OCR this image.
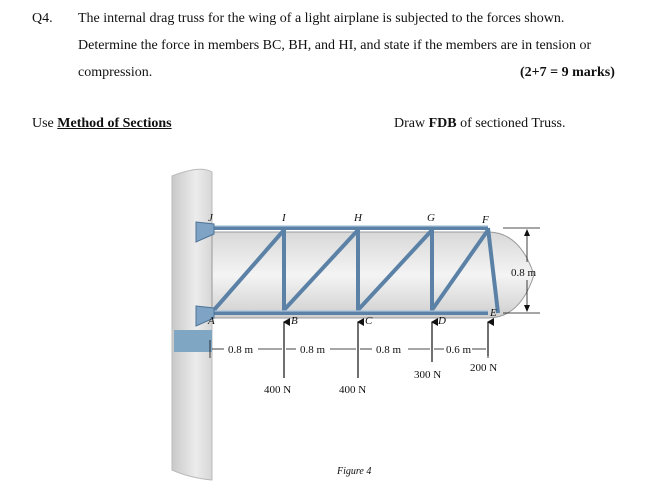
Q4. The internal drag truss for the wing of a light airplane is subjected to the forces shown.
Determine the force in members BC, BH, and HI, and state if the members are in tension or
compression.	(2+7 = 9 marks)
Use Method of Sections	Draw FDB of sectioned Truss.
J	I	H	G	F
A	B	C	D
E
0.8 m
0.8 m	0.8 m	0.8 m	0.6 m
400 N	400 N
300 N
200 N
Figure 4
